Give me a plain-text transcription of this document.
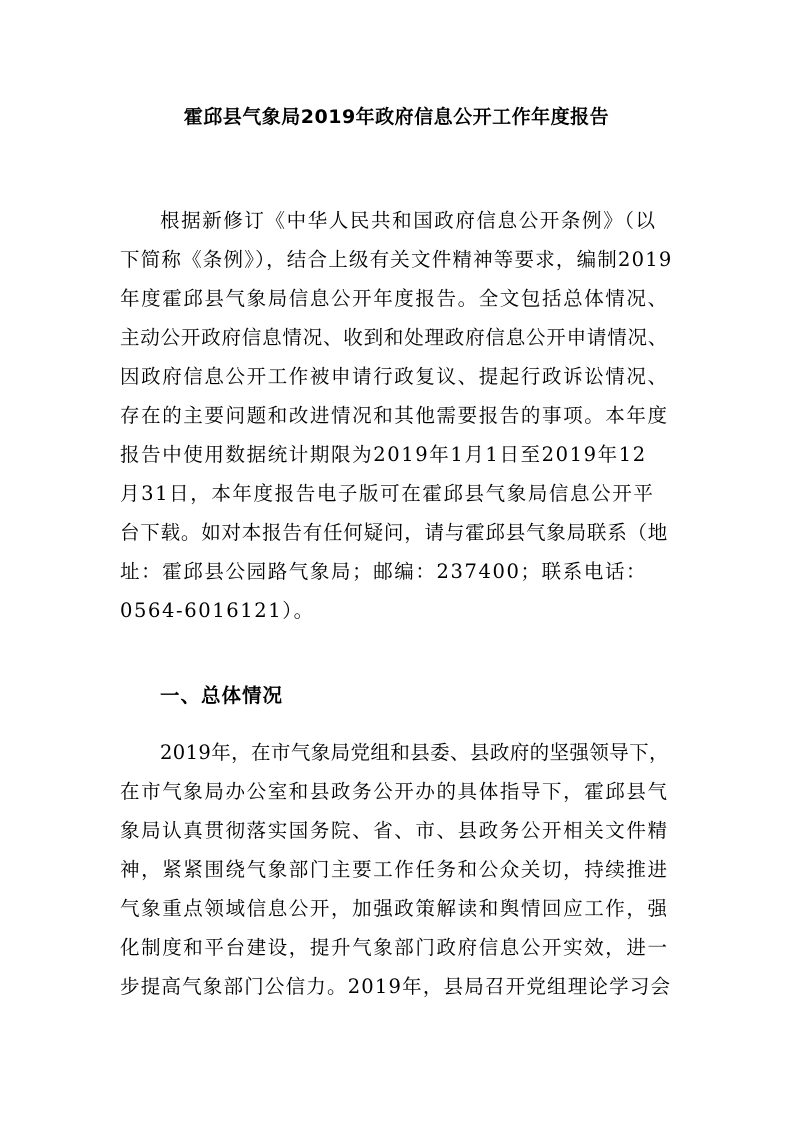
霍邱县气象局2019年政府信息公开工作年度报告
根据新修订《中华人民共和国政府信息公开条例》（以
下简称《条例》），结合上级有关文件精神等要求，编制2019
年度霍邱县气象局信息公开年度报告。全文包括总体情况、
主动公开政府信息情况、收到和处理政府信息公开申请情况、
因政府信息公开工作被申请行政复议、提起行政诉讼情况、
存在的主要问题和改进情况和其他需要报告的事项。本年度
报告中使用数据统计期限为2019年1月1日至2019年12
月31日，本年度报告电子版可在霍邱县气象局信息公开平
台下载。如对本报告有任何疑问，请与霍邱县气象局联系（地
址：霍邱县公园路气象局；邮编：237400；联系电话：
0564-6016121）。
一、总体情况
2019年，在市气象局党组和县委、县政府的坚强领导下，
在市气象局办公室和县政务公开办的具体指导下，霍邱县气
象局认真贯彻落实国务院、省、市、县政务公开相关文件精
神，紧紧围绕气象部门主要工作任务和公众关切，持续推进
气象重点领域信息公开，加强政策解读和舆情回应工作，强
化制度和平台建设，提升气象部门政府信息公开实效，进一
步提高气象部门公信力。2019年，县局召开党组理论学习会
